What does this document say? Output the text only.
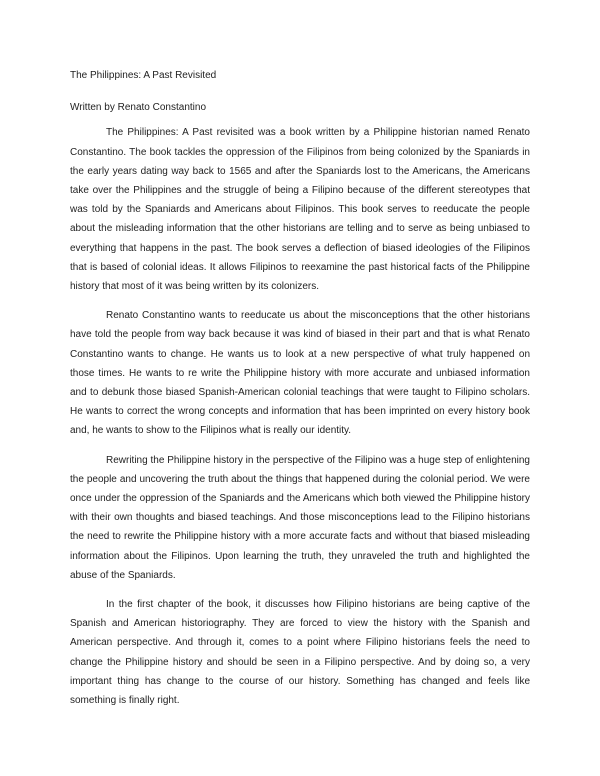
The Philippines: A Past Revisited

Written by Renato Constantino

The Philippines: A Past revisited was a book written by a Philippine historian named Renato Constantino. The book tackles the oppression of the Filipinos from being colonized by the Spaniards in the early years dating way back to 1565 and after the Spaniards lost to the Americans, the Americans take over the Philippines and the struggle of being a Filipino because of the different stereotypes that was told by the Spaniards and Americans about Filipinos. This book serves to reeducate the people about the misleading information that the other historians are telling and to serve as being unbiased to everything that happens in the past. The book serves a deflection of biased ideologies of the Filipinos that is based of colonial ideas. It allows Filipinos to reexamine the past historical facts of the Philippine history that most of it was being written by its colonizers.

Renato Constantino wants to reeducate us about the misconceptions that the other historians have told the people from way back because it was kind of biased in their part and that is what Renato Constantino wants to change. He wants us to look at a new perspective of what truly happened on those times. He wants to re write the Philippine history with more accurate and unbiased information and to debunk those biased Spanish-American colonial teachings that were taught to Filipino scholars. He wants to correct the wrong concepts and information that has been imprinted on every history book and, he wants to show to the Filipinos what is really our identity.

Rewriting the Philippine history in the perspective of the Filipino was a huge step of enlightening the people and uncovering the truth about the things that happened during the colonial period. We were once under the oppression of the Spaniards and the Americans which both viewed the Philippine history with their own thoughts and biased teachings. And those misconceptions lead to the Filipino historians the need to rewrite the Philippine history with a more accurate facts and without that biased misleading information about the Filipinos. Upon learning the truth, they unraveled the truth and highlighted the abuse of the Spaniards.

In the first chapter of the book, it discusses how Filipino historians are being captive of the Spanish and American historiography. They are forced to view the history with the Spanish and American perspective. And through it, comes to a point where Filipino historians feels the need to change the Philippine history and should be seen in a Filipino perspective. And by doing so, a very important thing has change to the course of our history. Something has changed and feels like something is finally right.
